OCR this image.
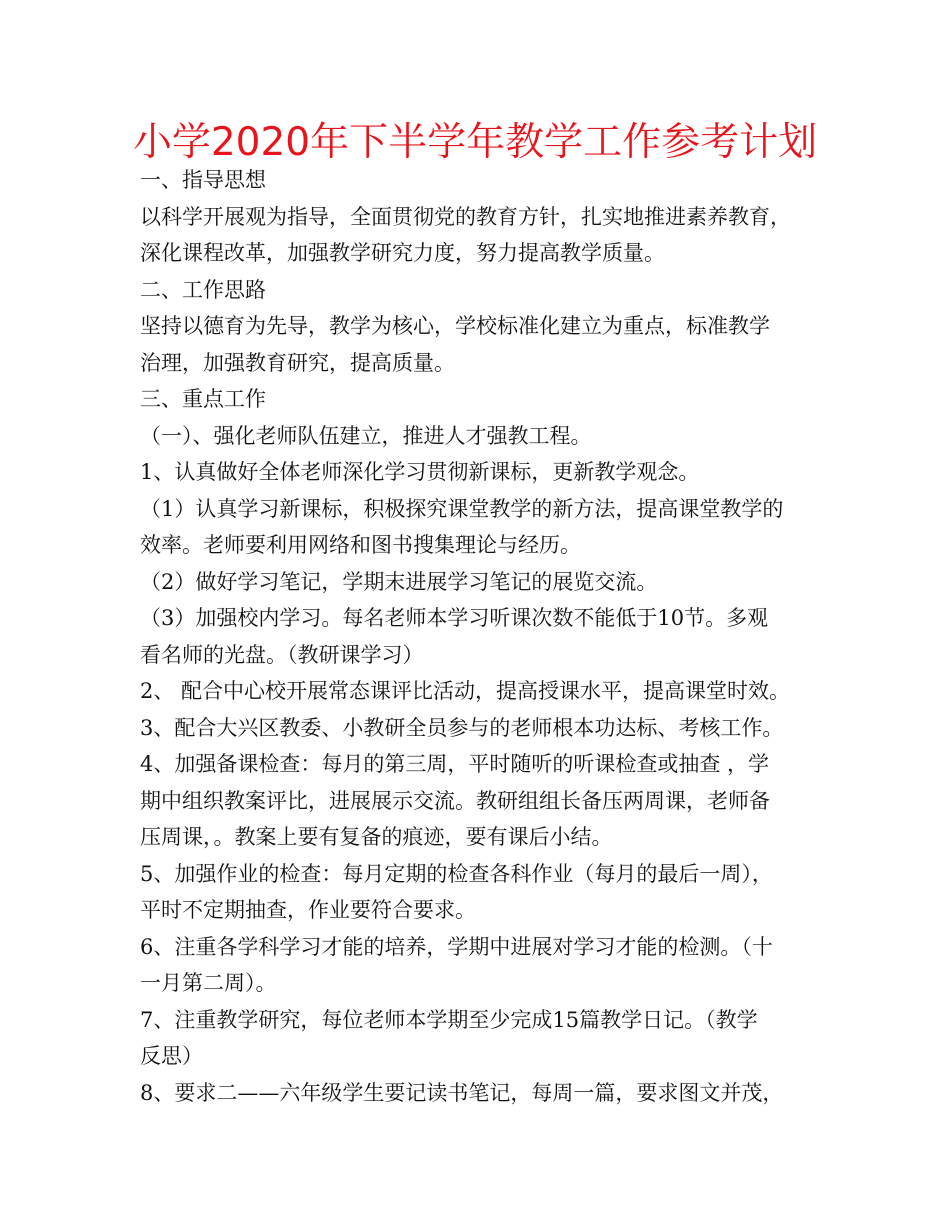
小学2020年下半学年教学工作参考计划
一、指导思想
以科学开展观为指导，全面贯彻党的教育方针，扎实地推进素养教育，
深化课程改革，加强教学研究力度，努力提高教学质量。
二、工作思路
坚持以德育为先导，教学为核心，学校标准化建立为重点，标准教学
治理，加强教育研究，提高质量。
三、重点工作
（一）、强化老师队伍建立，推进人才强教工程。
1、认真做好全体老师深化学习贯彻新课标，更新教学观念。
（1）认真学习新课标，积极探究课堂教学的新方法，提高课堂教学的
效率。老师要利用网络和图书搜集理论与经历。
（2）做好学习笔记，学期末进展学习笔记的展览交流。
（3）加强校内学习。每名老师本学习听课次数不能低于10节。多观
看名师的光盘。（教研课学习）
2、 配合中心校开展常态课评比活动，提高授课水平，提高课堂时效。
3、配合大兴区教委、小教研全员参与的老师根本功达标、考核工作。
4、加强备课检查：每月的第三周，平时随听的听课检查或抽查 ，学
期中组织教案评比，进展展示交流。教研组组长备压两周课，老师备
压周课，。教案上要有复备的痕迹，要有课后小结。
5、加强作业的检查：每月定期的检查各科作业（每月的最后一周），
平时不定期抽查，作业要符合要求。
6、注重各学科学习才能的培养，学期中进展对学习才能的检测。（十
一月第二周）。
7、注重教学研究，每位老师本学期至少完成15篇教学日记。（教学
反思）
8、要求二——六年级学生要记读书笔记，每周一篇，要求图文并茂，
